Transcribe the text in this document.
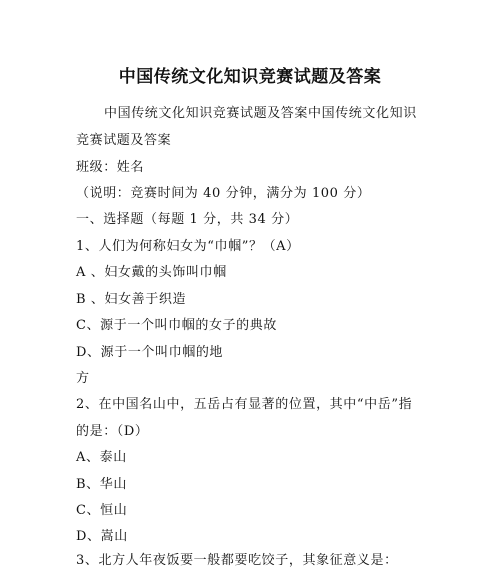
中国传统文化知识竞赛试题及答案
中国传统文化知识竞赛试题及答案中国传统文化知识
竞赛试题及答案
班级：姓名
（说明：竞赛时间为 40 分钟，满分为 100 分）
一、选择题（每题 1 分，共 34 分）
1、人们为何称妇女为“巾帼”？（A）
A 、妇女戴的头饰叫巾帼
B 、妇女善于织造
C、源于一个叫巾帼的女子的典故
D、源于一个叫巾帼的地
方
2、在中国名山中，五岳占有显著的位置，其中“中岳”指
的是：（D）
A、泰山
B、华山
C、恒山
D、嵩山
3、北方人年夜饭要一般都要吃饺子，其象征意义是：
